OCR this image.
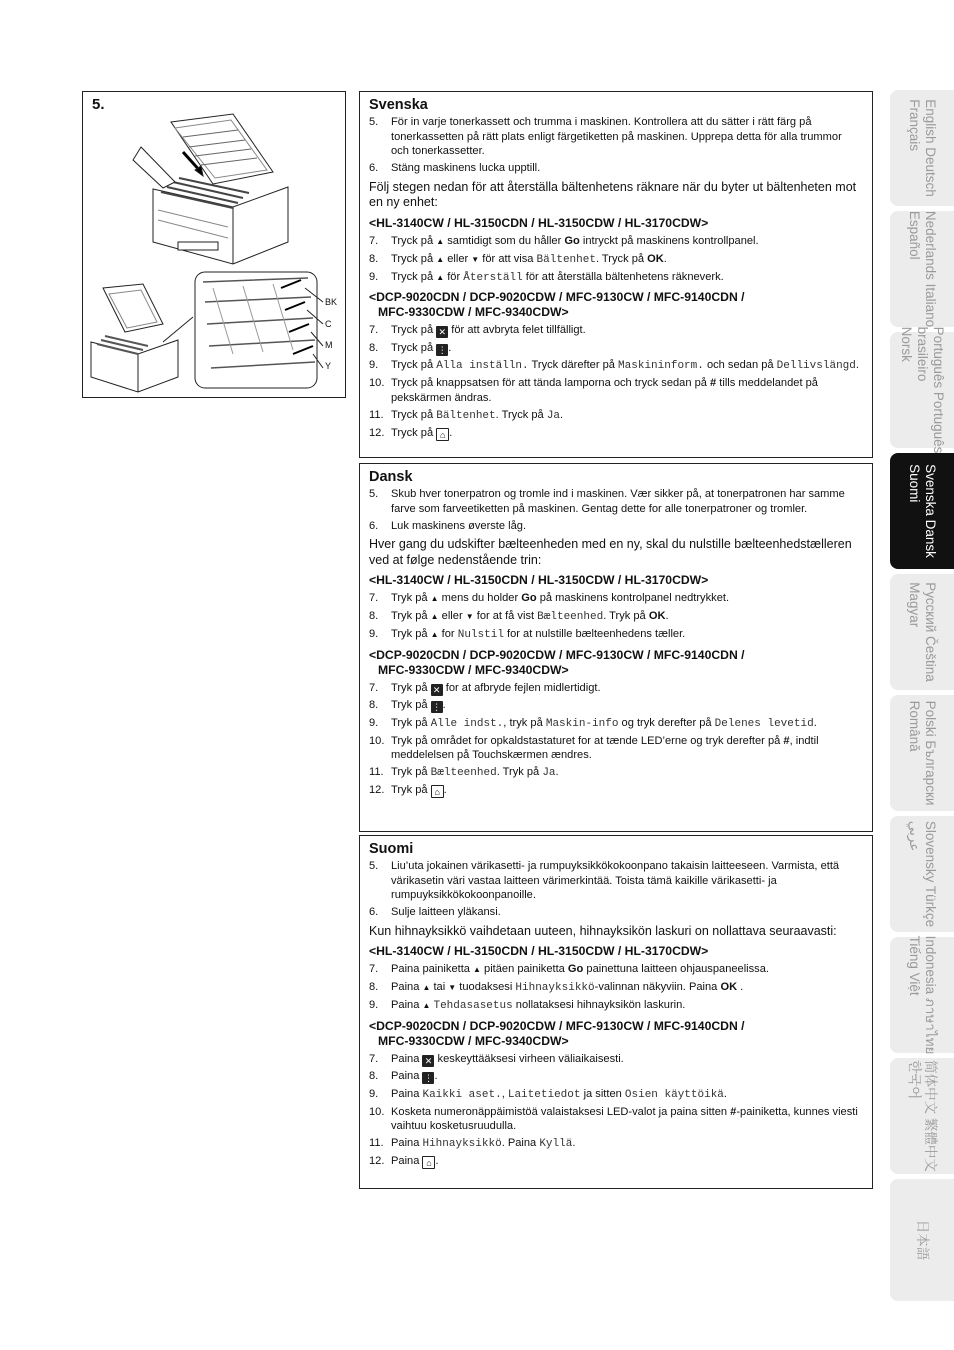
5.
BK
C
M
Y
Svenska
5. För in varje tonerkassett och trumma i maskinen. Kontrollera att du sätter i rätt färg på tonerkassetten på rätt plats enligt färgetiketten på maskinen. Upprepa detta för alla trummor och tonerkassetter.
6. Stäng maskinens lucka upptill.
Följ stegen nedan för att återställa bältenhetens räknare när du byter ut bältenheten mot en ny enhet:
<HL-3140CW / HL-3150CDN / HL-3150CDW / HL-3170CDW>
7. Tryck på ▲ samtidigt som du håller Go intryckt på maskinens kontrollpanel.
8. Tryck på ▲ eller ▼ för att visa Bältenhet. Tryck på OK.
9. Tryck på ▲ för Återställ för att återställa bältenhetens räkneverk.
<DCP-9020CDN / DCP-9020CDW / MFC-9130CW / MFC-9140CDN /
MFC-9330CDW / MFC-9340CDW>
7. Tryck på ✕ för att avbryta felet tillfälligt.
8. Tryck på ⋮ .
9. Tryck på Alla inställn. Tryck därefter på Maskininform. och sedan på Dellivslängd.
10. Tryck på knappsatsen för att tända lamporna och tryck sedan på # tills meddelandet på pekskärmen ändras.
11. Tryck på Bältenhet. Tryck på Ja.
12. Tryck på ⌂ .
Dansk
5. Skub hver tonerpatron og tromle ind i maskinen. Vær sikker på, at tonerpatronen har samme farve som farveetiketten på maskinen. Gentag dette for alle tonerpatroner og tromler.
6. Luk maskinens øverste låg.
Hver gang du udskifter bælteenheden med en ny, skal du nulstille bælteenhedstælleren ved at følge nedenstående trin:
<HL-3140CW / HL-3150CDN / HL-3150CDW / HL-3170CDW>
7. Tryk på ▲ mens du holder Go på maskinens kontrolpanel nedtrykket.
8. Tryk på ▲ eller ▼ for at få vist Bælteenhed. Tryk på OK.
9. Tryk på ▲ for Nulstil for at nulstille bælteenhedens tæller.
<DCP-9020CDN / DCP-9020CDW / MFC-9130CW / MFC-9140CDN /
MFC-9330CDW / MFC-9340CDW>
7. Tryk på ✕ for at afbryde fejlen midlertidigt.
8. Tryk på ⋮ .
9. Tryk på Alle indst., tryk på Maskin-info og tryk derefter på Delenes levetid.
10. Tryk på området for opkaldstastaturet for at tænde LED’erne og tryk derefter på #, indtil meddelelsen på Touchskærmen ændres.
11. Tryk på Bælteenhed. Tryk på Ja.
12. Tryk på ⌂ .
Suomi
5. Liu’uta jokainen värikasetti- ja rumpuyksikkökokoonpano takaisin laitteeseen. Varmista, että värikasetin väri vastaa laitteen värimerkintää. Toista tämä kaikille värikasetti- ja rumpuyksikkökokoonpanoille.
6. Sulje laitteen yläkansi.
Kun hihnayksikkö vaihdetaan uuteen, hihnayksikön laskuri on nollattava seuraavasti:
<HL-3140CW / HL-3150CDN / HL-3150CDW / HL-3170CDW>
7. Paina painiketta ▲ pitäen painiketta Go painettuna laitteen ohjauspaneelissa.
8. Paina ▲ tai ▼ tuodaksesi Hihnayksikkö-valinnan näkyviin. Paina OK .
9. Paina ▲ Tehdasasetus nollataksesi hihnayksikön laskurin.
<DCP-9020CDN / DCP-9020CDW / MFC-9130CW / MFC-9140CDN /
MFC-9330CDW / MFC-9340CDW>
7. Paina ✕ keskeyttääksesi virheen väliaikaisesti.
8. Paina ⋮ .
9. Paina Kaikki aset., Laitetiedot ja sitten Osien käyttöikä.
10. Kosketa numeronäppäimistöä valaistaksesi LED-valot ja paina sitten #-painiketta, kunnes viesti vaihtuu kosketusruudulla.
11. Paina Hihnayksikkö. Paina Kyllä.
12. Paina ⌂ .
English Deutsch
Français
Nederlands Italiano
Español
Português Português
brasileiro
Norsk
Svenska Dansk
Suomi
Русский Čeština
Magyar
Polski Български
Română
Slovensky Türkçe
عربي
Indonesia ภาษาไทย
Tiếng Việt
简体中文 繁體中文
한국어
日本語
